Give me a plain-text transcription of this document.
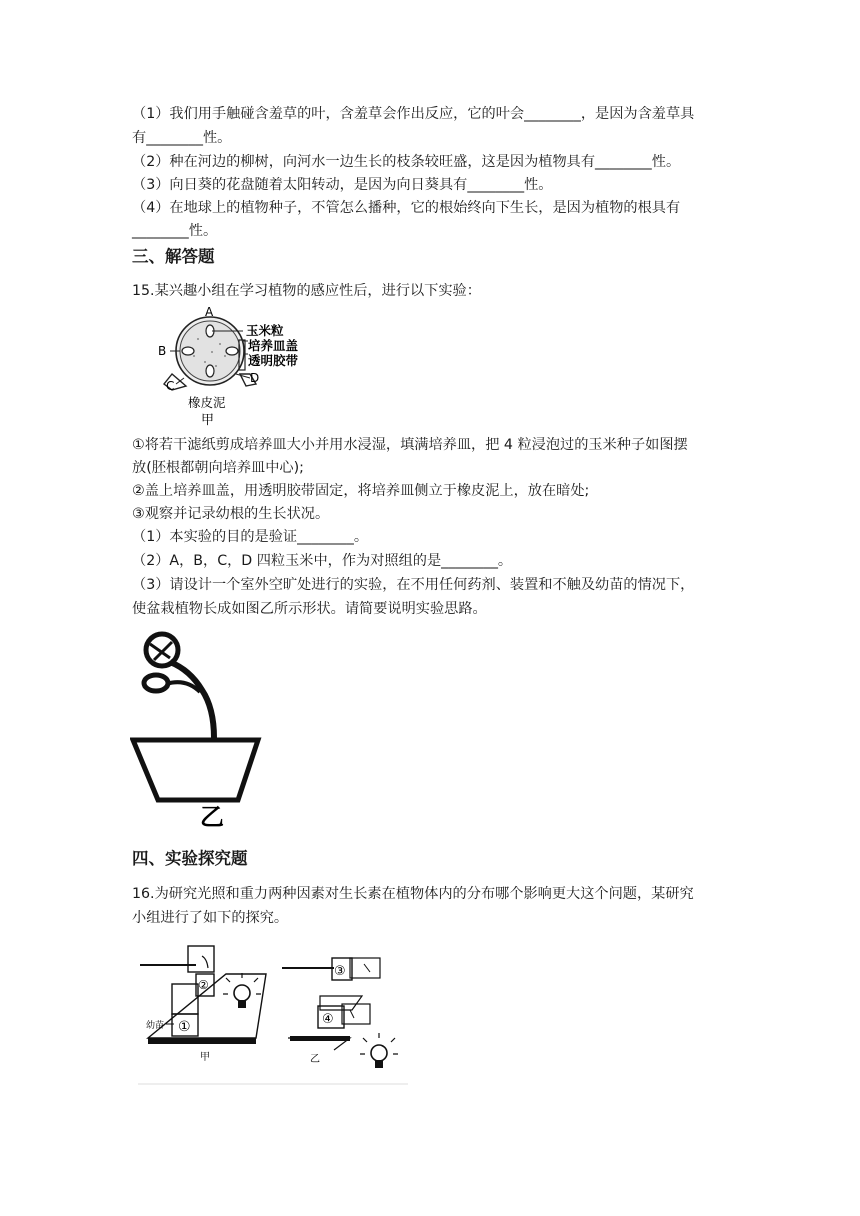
（1）我们用手触碰含羞草的叶，含羞草会作出反应，它的叶会________，是因为含羞草具
有________性。
（2）种在河边的柳树，向河水一边生长的枝条较旺盛，这是因为植物具有________性。
（3）向日葵的花盘随着太阳转动，是因为向日葵具有________性。
（4）在地球上的植物种子，不管怎么播种，它的根始终向下生长，是因为植物的根具有
________性。
三、解答题
15.某兴趣小组在学习植物的感应性后，进行以下实验：
A
B
C
D
玉米粒
培养皿盖
透明胶带
橡皮泥
甲
①将若干滤纸剪成培养皿大小并用水浸湿，填满培养皿，把 4 粒浸泡过的玉米种子如图摆
放(胚根都朝向培养皿中心);
②盖上培养皿盖，用透明胶带固定，将培养皿侧立于橡皮泥上，放在暗处;
③观察并记录幼根的生长状况。
（1）本实验的目的是验证________。
（2）A，B，C，D 四粒玉米中，作为对照组的是________。
（3）请设计一个室外空旷处进行的实验，在不用任何药剂、装置和不触及幼苗的情况下，
使盆栽植物长成如图乙所示形状。请简要说明实验思路。
乙
四、实验探究题
16.为研究光照和重力两种因素对生长素在植物体内的分布哪个影响更大这个问题，某研究
小组进行了如下的探究。
①
②
幼苗
甲
③
④
乙
